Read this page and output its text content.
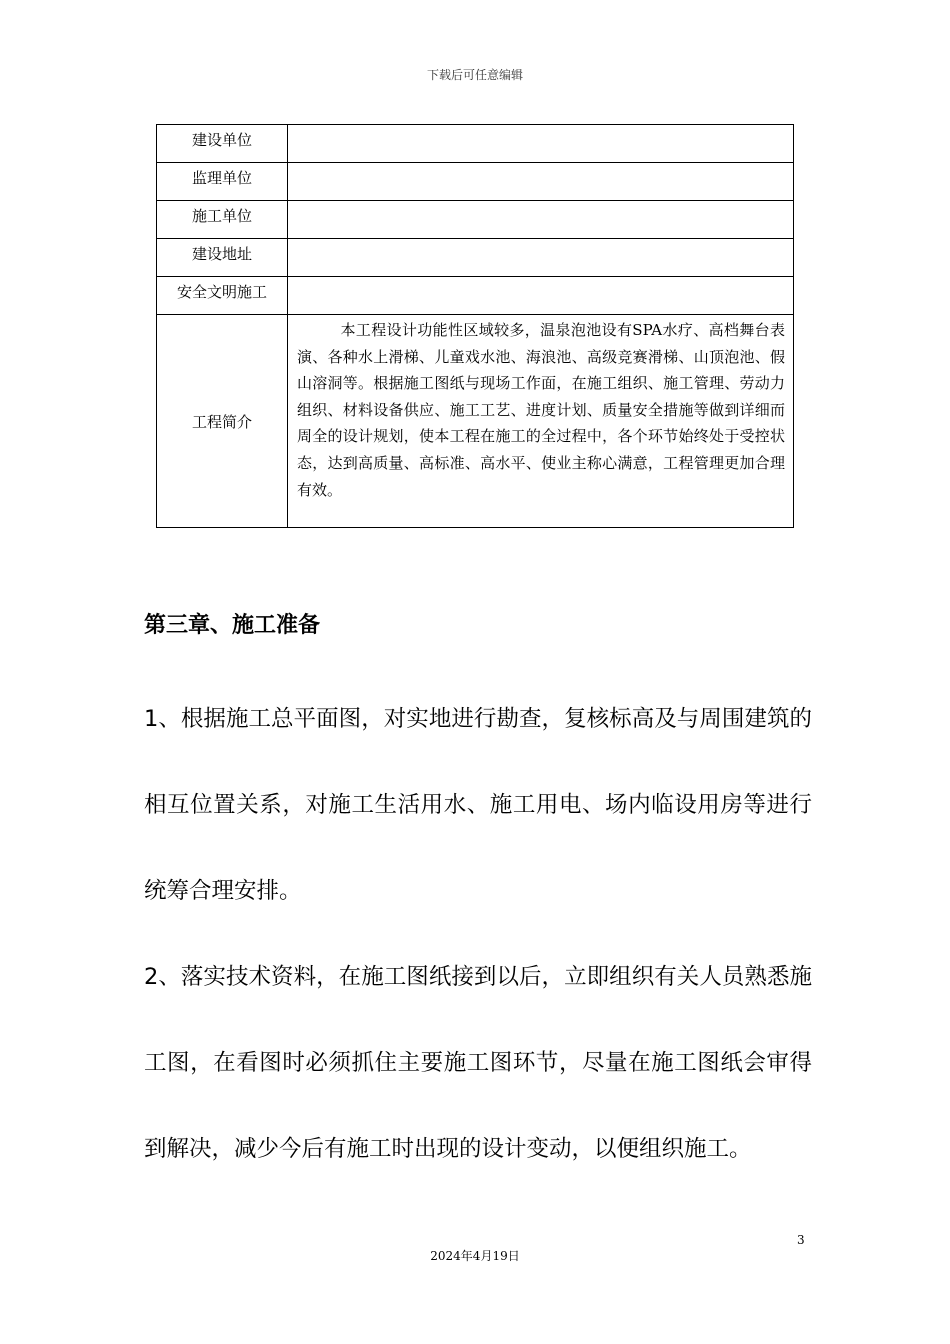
下载后可任意编辑
建设单位	

监理单位	

施工单位	

建设地址	

安全文明施工	

工程简介	本工程设计功能性区域较多，温泉泡池设有SPA水疗、高档舞台表演、各种水上滑梯、儿童戏水池、海浪池、高级竞赛滑梯、山顶泡池、假山溶洞等。根据施工图纸与现场工作面，在施工组织、施工管理、劳动力组织、材料设备供应、施工工艺、进度计划、质量安全措施等做到详细而周全的设计规划，使本工程在施工的全过程中，各个环节始终处于受控状态，达到高质量、高标准、高水平、使业主称心满意，工程管理更加合理有效。
第三章、施工准备
1、根据施工总平面图，对实地进行勘查，复核标高及与周围建筑的相互位置关系，对施工生活用水、施工用电、场内临设用房等进行统筹合理安排。
2、落实技术资料，在施工图纸接到以后，立即组织有关人员熟悉施工图，在看图时必须抓住主要施工图环节，尽量在施工图纸会审得到解决，减少今后有施工时出现的设计变动，以便组织施工。
3
2024年4月19日
